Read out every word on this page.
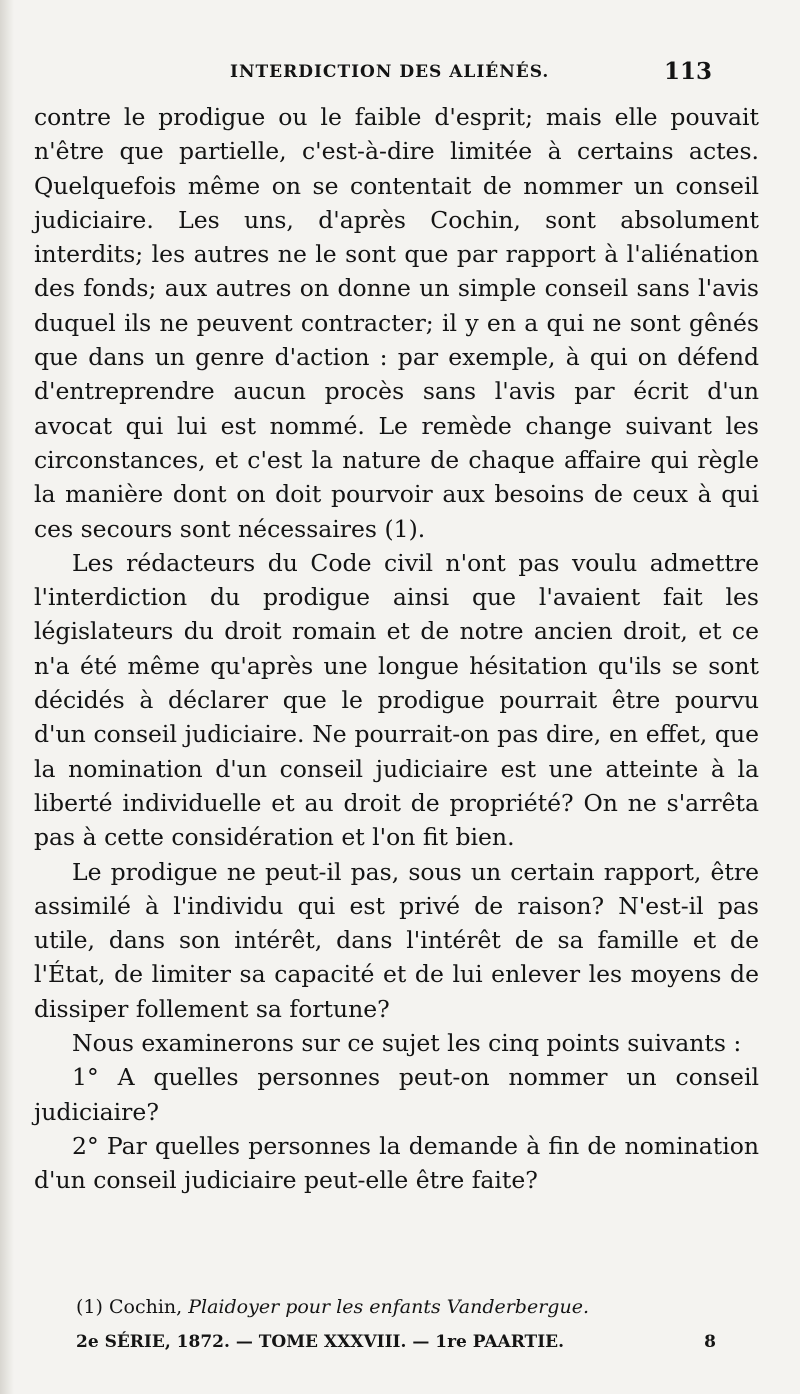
INTERDICTION DES ALIÉNÉS.	113

contre le prodigue ou le faible d'esprit; mais elle pouvait n'être que partielle, c'est-à-dire limitée à certains actes. Quelquefois même on se contentait de nommer un conseil judiciaire. Les uns, d'après Cochin, sont absolument interdits; les autres ne le sont que par rapport à l'aliénation des fonds; aux autres on donne un simple conseil sans l'avis duquel ils ne peuvent contracter; il y en a qui ne sont gênés que dans un genre d'action : par exemple, à qui on défend d'entreprendre aucun procès sans l'avis par écrit d'un avocat qui lui est nommé. Le remède change suivant les circonstances, et c'est la nature de chaque affaire qui règle la manière dont on doit pourvoir aux besoins de ceux à qui ces secours sont nécessaires (1).

Les rédacteurs du Code civil n'ont pas voulu admettre l'interdiction du prodigue ainsi que l'avaient fait les législateurs du droit romain et de notre ancien droit, et ce n'a été même qu'après une longue hésitation qu'ils se sont décidés à déclarer que le prodigue pourrait être pourvu d'un conseil judiciaire. Ne pourrait-on pas dire, en effet, que la nomination d'un conseil judiciaire est une atteinte à la liberté individuelle et au droit de propriété? On ne s'arrêta pas à cette considération et l'on fit bien.

Le prodigue ne peut-il pas, sous un certain rapport, être assimilé à l'individu qui est privé de raison? N'est-il pas utile, dans son intérêt, dans l'intérêt de sa famille et de l'État, de limiter sa capacité et de lui enlever les moyens de dissiper follement sa fortune?

Nous examinerons sur ce sujet les cinq points suivants :

1° A quelles personnes peut-on nommer un conseil judiciaire?

2° Par quelles personnes la demande à fin de nomination d'un conseil judiciaire peut-elle être faite?

(1) Cochin, Plaidoyer pour les enfants Vanderbergue.
2e SÉRIE, 1872. — TOME XXXVIII. — 1re PAARTIE.	8
